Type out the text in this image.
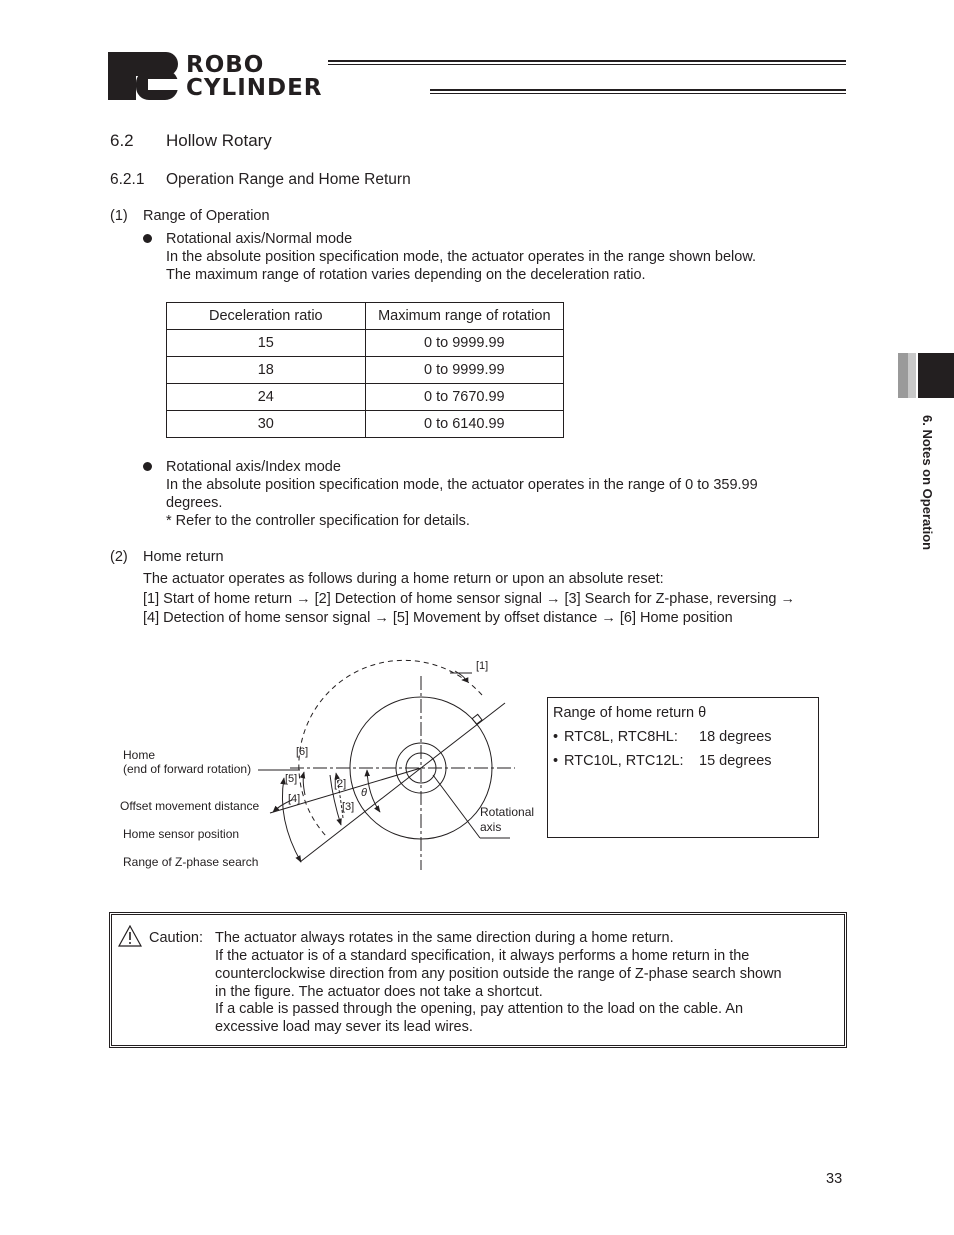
ROBO
CYLINDER
6.2 Hollow Rotary
6.2.1 Operation Range and Home Return
(1) Range of Operation
Rotational axis/Normal mode
In the absolute position specification mode, the actuator operates in the range shown below.
The maximum range of rotation varies depending on the deceleration ratio.
Deceleration ratio	Maximum range of rotation
15	0 to 9999.99
18	0 to 9999.99
24	0 to 7670.99
30	0 to 6140.99
Rotational axis/Index mode
In the absolute position specification mode, the actuator operates in the range of 0 to 359.99
degrees.
* Refer to the controller specification for details.
(2) Home return
The actuator operates as follows during a home return or upon an absolute reset:
[1] Start of home return → [2] Detection of home sensor signal → [3] Search for Z-phase, reversing →
[4] Detection of home sensor signal → [5] Movement by offset distance → [6] Home position
Home
(end of forward rotation)
Offset movement distance
Home sensor position
Range of Z-phase search
Rotational
axis
[1]
[6]
[5]	[2]
[4]
[3]
θ
Range of home return θ
• RTC8L, RTC8HL: 18 degrees
• RTC10L, RTC12L: 15 degrees
Caution: The actuator always rotates in the same direction during a home return.
If the actuator is of a standard specification, it always performs a home return in the
counterclockwise direction from any position outside the range of Z-phase search shown
in the figure. The actuator does not take a shortcut.
If a cable is passed through the opening, pay attention to the load on the cable. An
excessive load may sever its lead wires.
6. Notes on Operation
33
